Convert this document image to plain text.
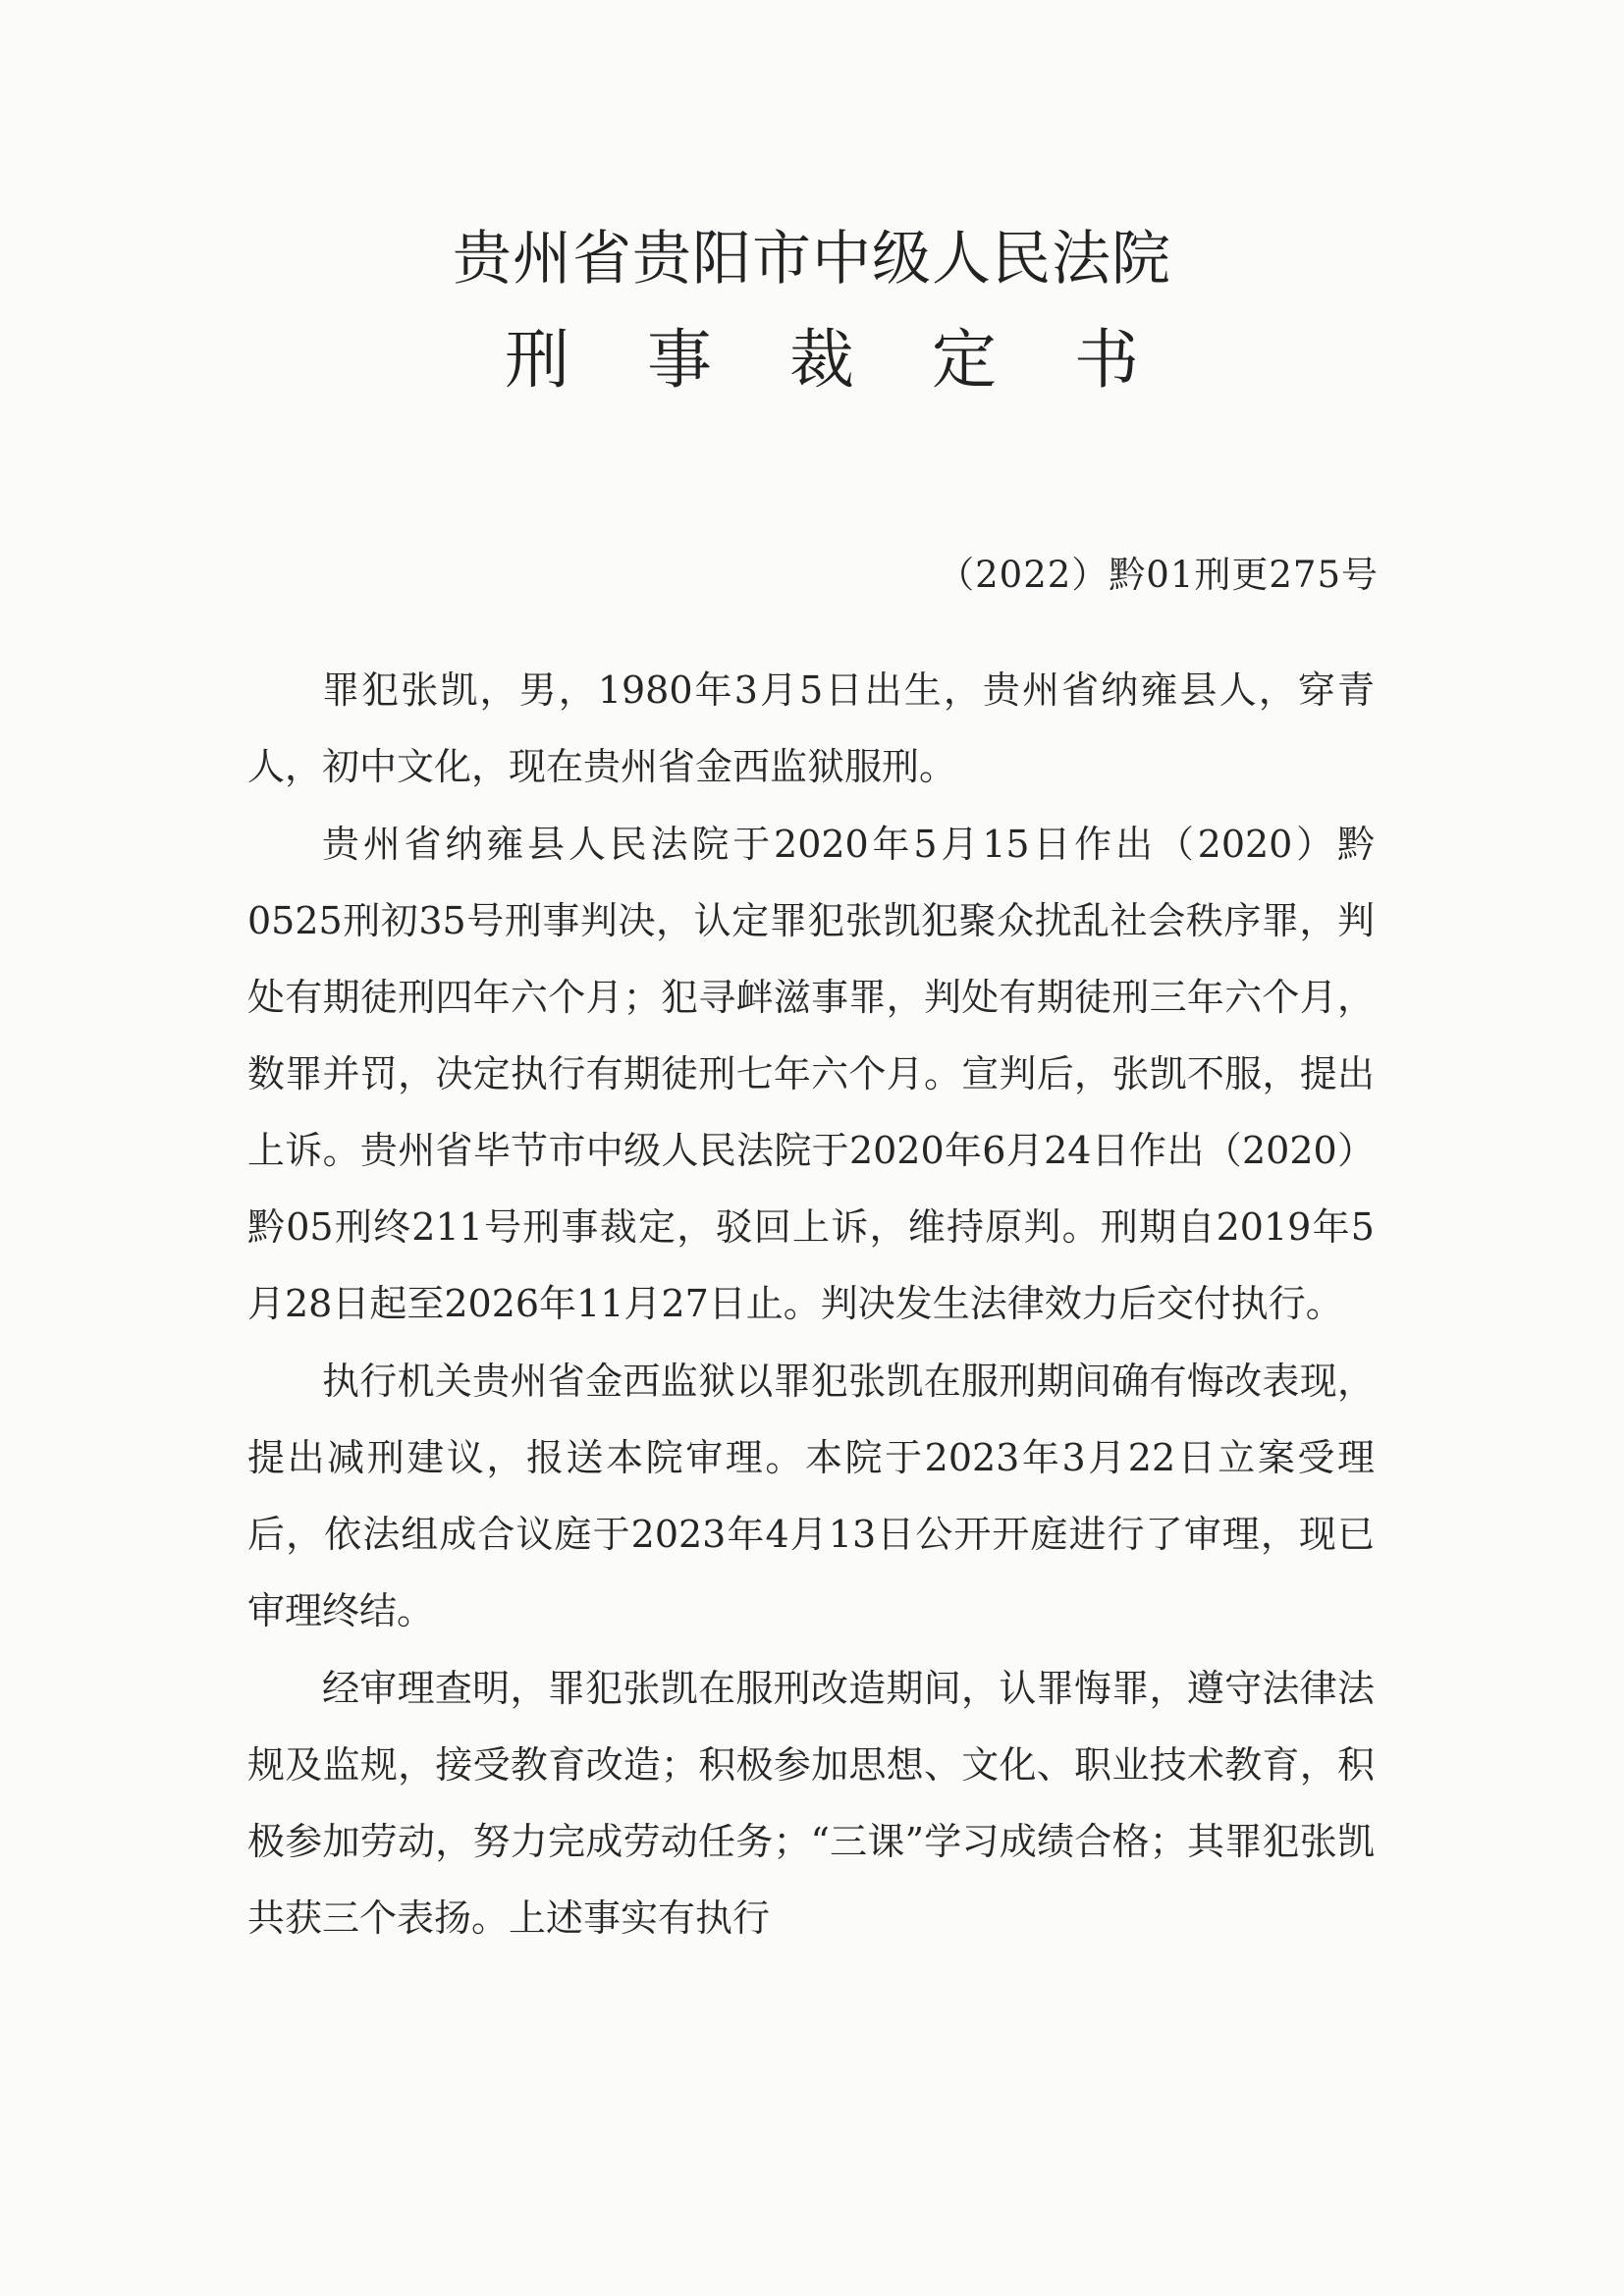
贵州省贵阳市中级人民法院
刑 事 裁 定 书
（2022）黔01刑更275号

罪犯张凯，男，1980年3月5日出生，贵州省纳雍县人，穿青人，初中文化，现在贵州省金西监狱服刑。

贵州省纳雍县人民法院于2020年5月15日作出（2020）黔0525刑初35号刑事判决，认定罪犯张凯犯聚众扰乱社会秩序罪，判处有期徒刑四年六个月；犯寻衅滋事罪，判处有期徒刑三年六个月，数罪并罚，决定执行有期徒刑七年六个月。宣判后，张凯不服，提出上诉。贵州省毕节市中级人民法院于2020年6月24日作出（2020）黔05刑终211号刑事裁定，驳回上诉，维持原判。刑期自2019年5月28日起至2026年11月27日止。判决发生法律效力后交付执行。

执行机关贵州省金西监狱以罪犯张凯在服刑期间确有悔改表现，提出减刑建议，报送本院审理。本院于2023年3月22日立案受理后，依法组成合议庭于2023年4月13日公开开庭进行了审理，现已审理终结。

经审理查明，罪犯张凯在服刑改造期间，认罪悔罪，遵守法律法规及监规，接受教育改造；积极参加思想、文化、职业技术教育，积极参加劳动，努力完成劳动任务；“三课”学习成绩合格；其罪犯张凯共获三个表扬。上述事实有执行
